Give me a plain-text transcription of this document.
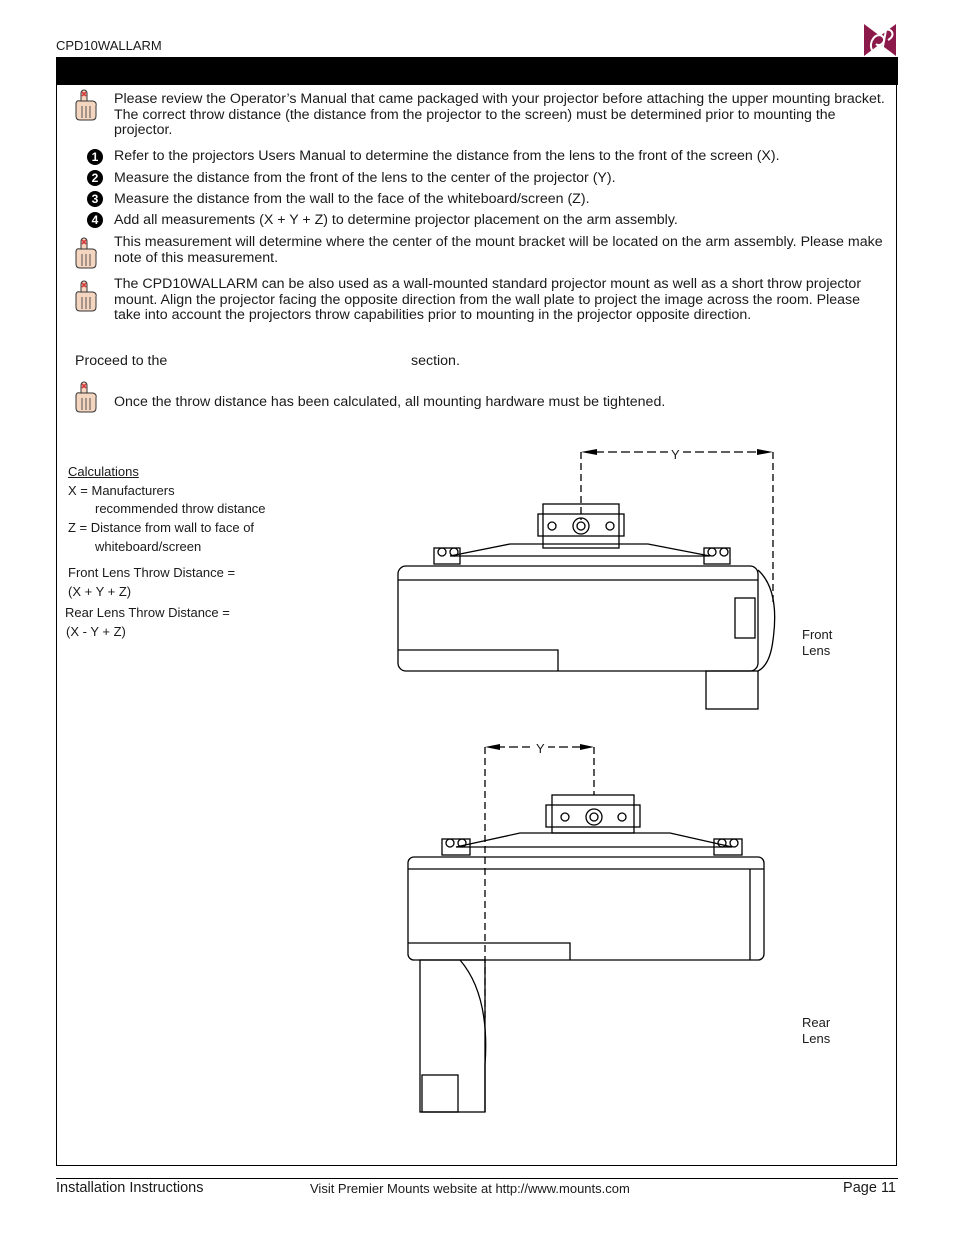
CPD10WALLARM
Please review the Operator’s Manual that came packaged with your projector before attaching the upper mounting bracket. The correct throw distance (the distance from the projector to the screen) must be determined prior to mounting the projector.
1	Refer to the projectors Users Manual to determine the distance from the lens to the front of the screen (X).
2	Measure the distance from the front of the lens to the center of the projector (Y).
3	Measure the distance from the wall to the face of the whiteboard/screen (Z).
4	Add all measurements (X + Y + Z) to determine projector placement on the arm assembly.
This measurement will determine where the center of the mount bracket will be located on the arm assembly. Please make note of this measurement.
The CPD10WALLARM can be also used as a wall-mounted standard projector mount as well as a short throw projector mount. Align the projector facing the opposite direction from the wall plate to project the image across the room. Please take into account the projectors throw capabilities prior to mounting in the projector opposite direction.
Proceed to the	section.
Once the throw distance has been calculated, all mounting hardware must be tightened.
Calculations
X = Manufacturers
recommended throw distance
Z = Distance from wall to face of
whiteboard/screen
Front Lens Throw Distance =
(X + Y + Z)
Rear Lens Throw Distance =
(X - Y + Z)
Y
Front
Lens
Y
Rear
Lens
Installation Instructions	Visit Premier Mounts website at http://www.mounts.com	Page 11
